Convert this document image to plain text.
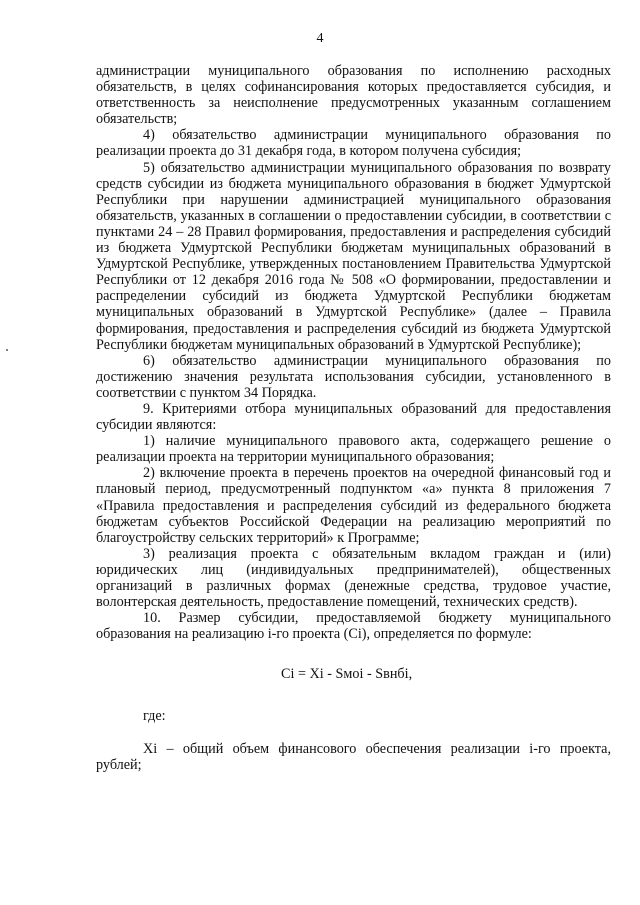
4

администрации муниципального образования по исполнению расходных обязательств, в целях софинансирования которых предоставляется субсидия, и ответственность за неисполнение предусмотренных указанным соглашением обязательств;

4) обязательство администрации муниципального образования по реализации проекта до 31 декабря года, в котором получена субсидия;

5) обязательство администрации муниципального образования по возврату средств субсидии из бюджета муниципального образования в бюджет Удмуртской Республики при нарушении администрацией муниципального образования обязательств, указанных в соглашении о предоставлении субсидии, в соответствии с пунктами 24 – 28 Правил формирования, предоставления и распределения субсидий из бюджета Удмуртской Республики бюджетам муниципальных образований в Удмуртской Республике, утвержденных постановлением Правительства Удмуртской Республики от 12 декабря 2016 года № 508 «О формировании, предоставлении и распределении субсидий из бюджета Удмуртской Республики бюджетам муниципальных образований в Удмуртской Республике» (далее – Правила формирования, предоставления и распределения субсидий из бюджета Удмуртской Республики бюджетам муниципальных образований в Удмуртской Республике);

6) обязательство администрации муниципального образования по достижению значения результата использования субсидии, установленного в соответствии с пунктом 34 Порядка.

9. Критериями отбора муниципальных образований для предоставления субсидии являются:

1) наличие муниципального правового акта, содержащего решение о реализации проекта на территории муниципального образования;

2) включение проекта в перечень проектов на очередной финансовый год и плановый период, предусмотренный подпунктом «а» пункта 8 приложения 7 «Правила предоставления и распределения субсидий из федерального бюджета бюджетам субъектов Российской Федерации на реализацию мероприятий по благоустройству сельских территорий» к Программе;

3) реализация проекта с обязательным вкладом граждан и (или) юридических лиц (индивидуальных предпринимателей), общественных организаций в различных формах (денежные средства, трудовое участие, волонтерская деятельность, предоставление помещений, технических средств).

10. Размер субсидии, предоставляемой бюджету муниципального образования на реализацию i-го проекта (Ci), определяется по формуле:

Ci = Xi - Sмoi - Sвнбi,

где:

Xi – общий объем финансового обеспечения реализации i-го проекта, рублей;
